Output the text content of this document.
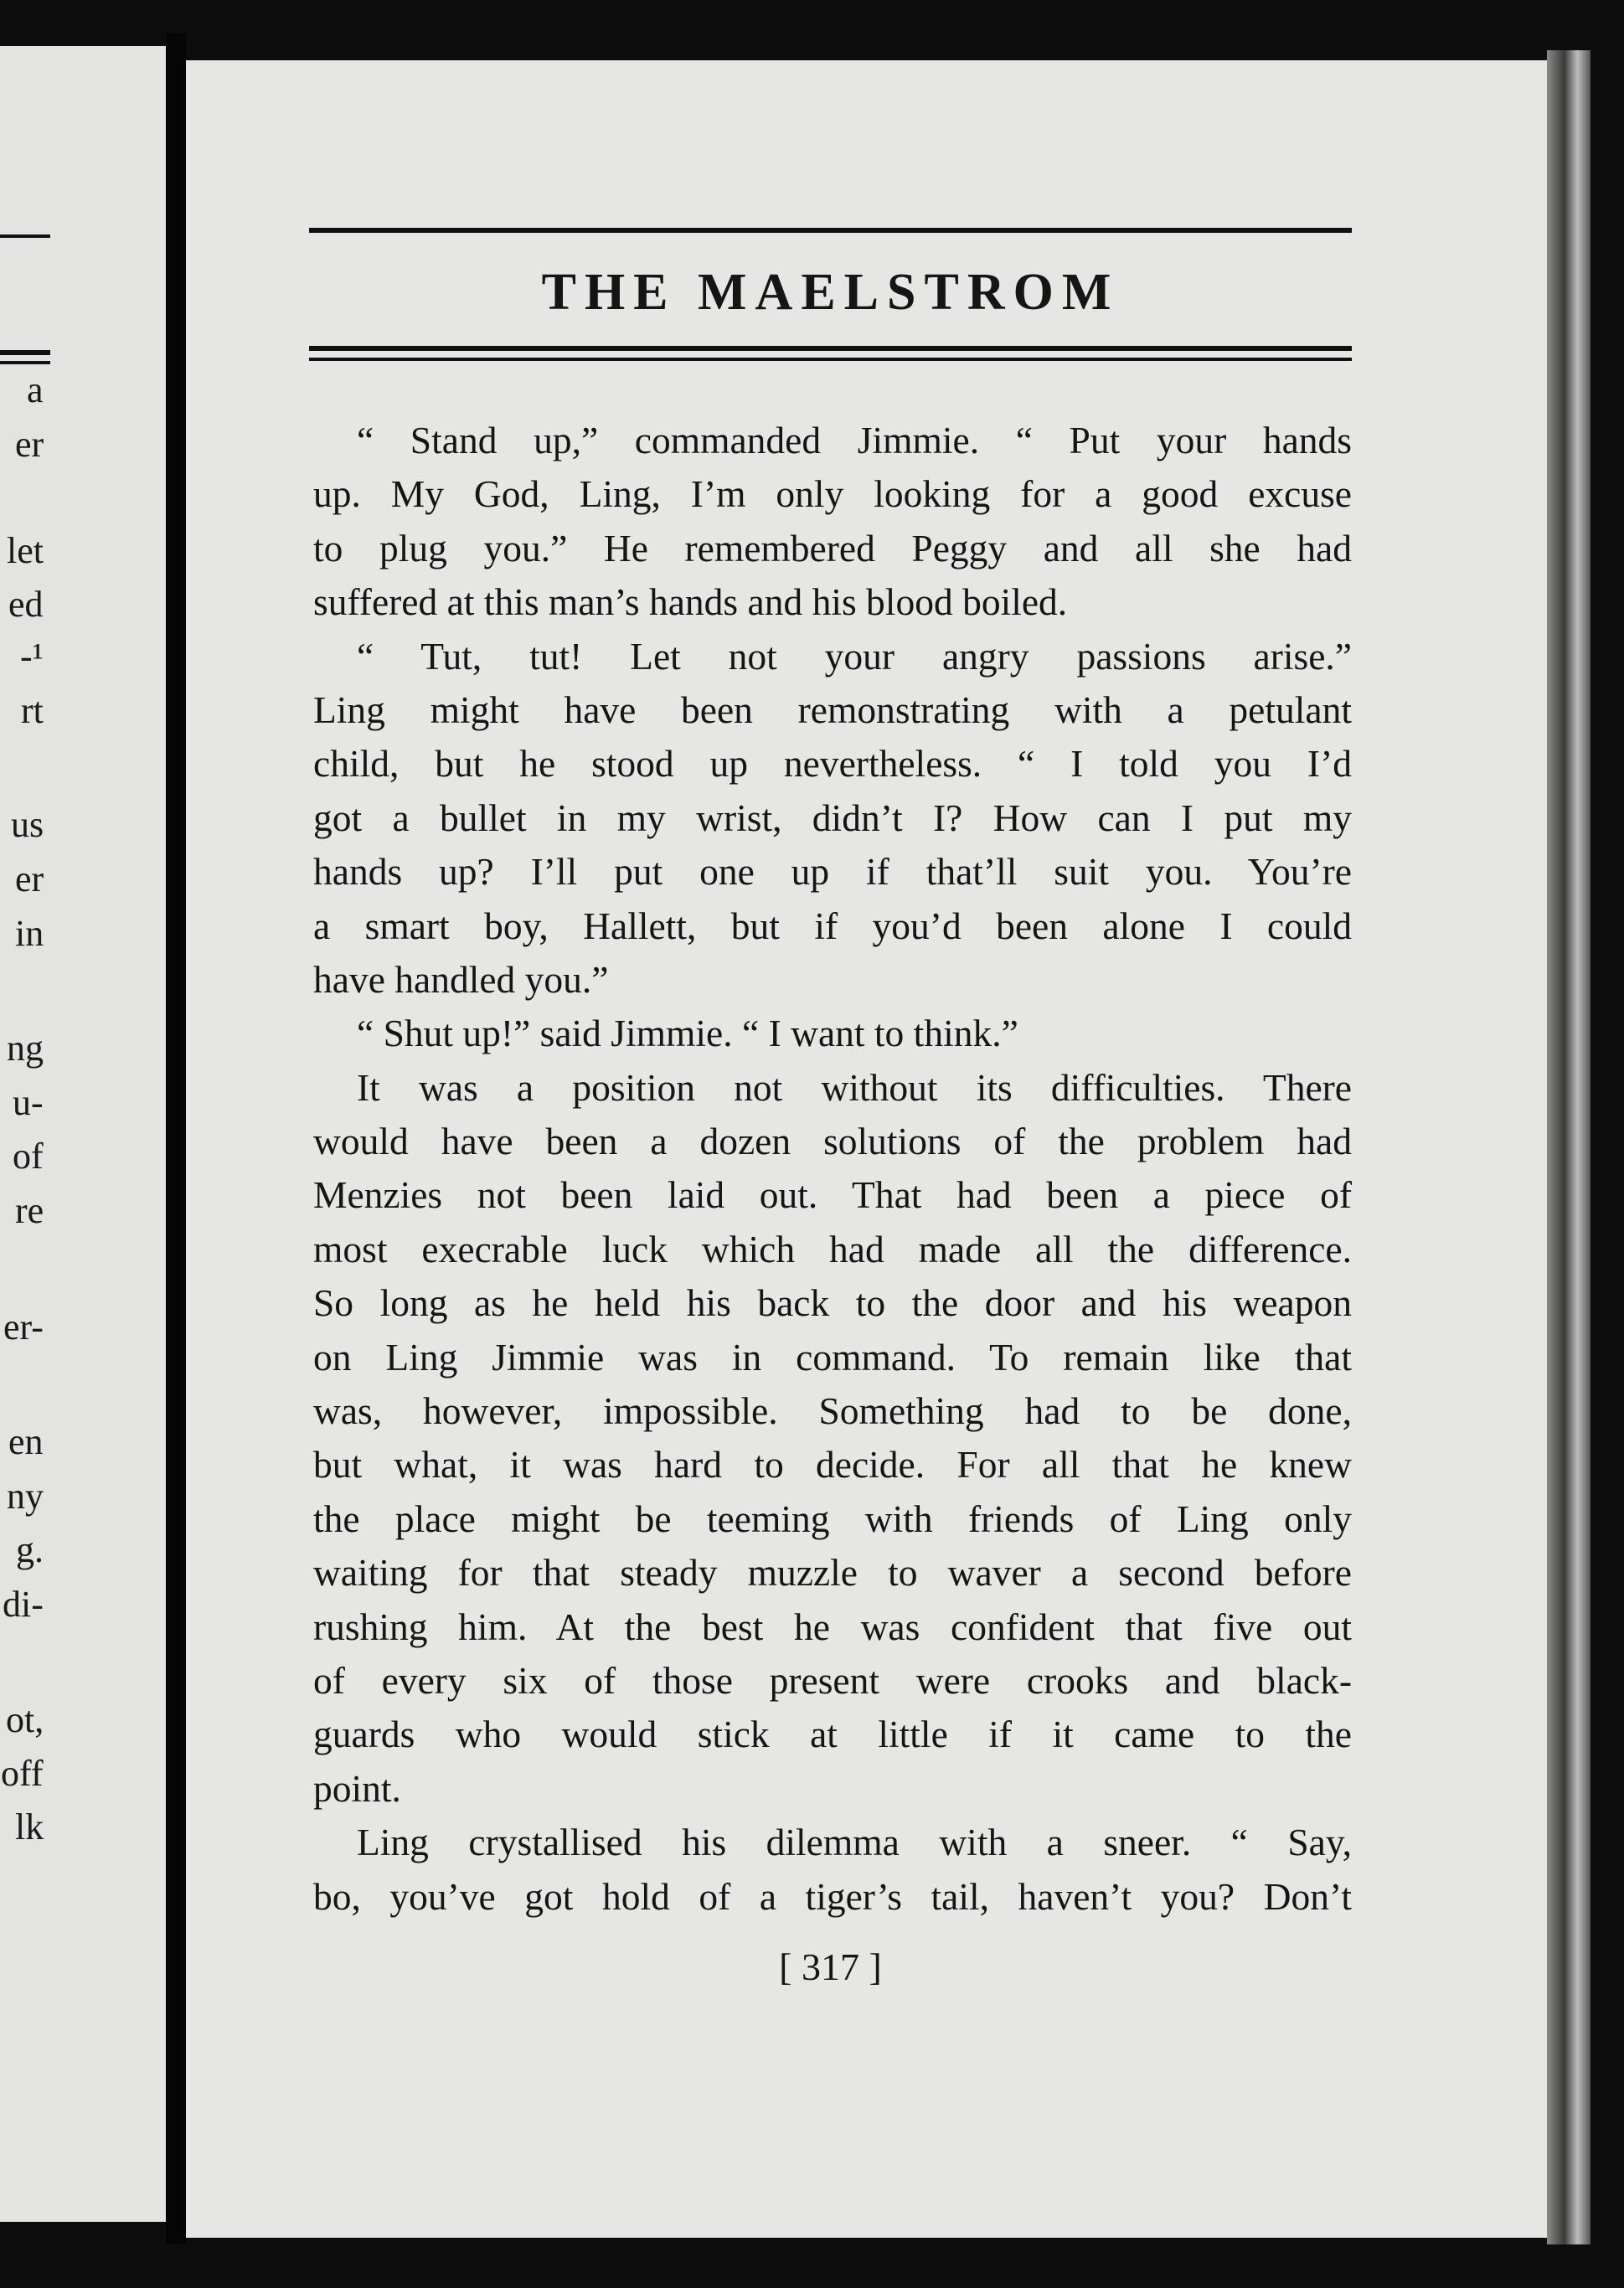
a
er
let
ed
-¹
rt
us
er
in
ng
u-
of
re
er-
en
ny
g.
di-
ot,
off
lk
THE MAELSTROM
“ Stand up,” commanded Jimmie. “ Put your hands
up. My God, Ling, I’m only looking for a good excuse
to plug you.” He remembered Peggy and all she had
suffered at this man’s hands and his blood boiled.
“ Tut, tut! Let not your angry passions arise.”
Ling might have been remonstrating with a petulant
child, but he stood up nevertheless. “ I told you I’d
got a bullet in my wrist, didn’t I? How can I put my
hands up? I’ll put one up if that’ll suit you. You’re
a smart boy, Hallett, but if you’d been alone I could
have handled you.”
“ Shut up!” said Jimmie. “ I want to think.”
It was a position not without its difficulties. There
would have been a dozen solutions of the problem had
Menzies not been laid out. That had been a piece of
most execrable luck which had made all the difference.
So long as he held his back to the door and his weapon
on Ling Jimmie was in command. To remain like that
was, however, impossible. Something had to be done,
but what, it was hard to decide. For all that he knew
the place might be teeming with friends of Ling only
waiting for that steady muzzle to waver a second before
rushing him. At the best he was confident that five out
of every six of those present were crooks and black-
guards who would stick at little if it came to the
point.
Ling crystallised his dilemma with a sneer. “ Say,
bo, you’ve got hold of a tiger’s tail, haven’t you? Don’t
[ 317 ]
